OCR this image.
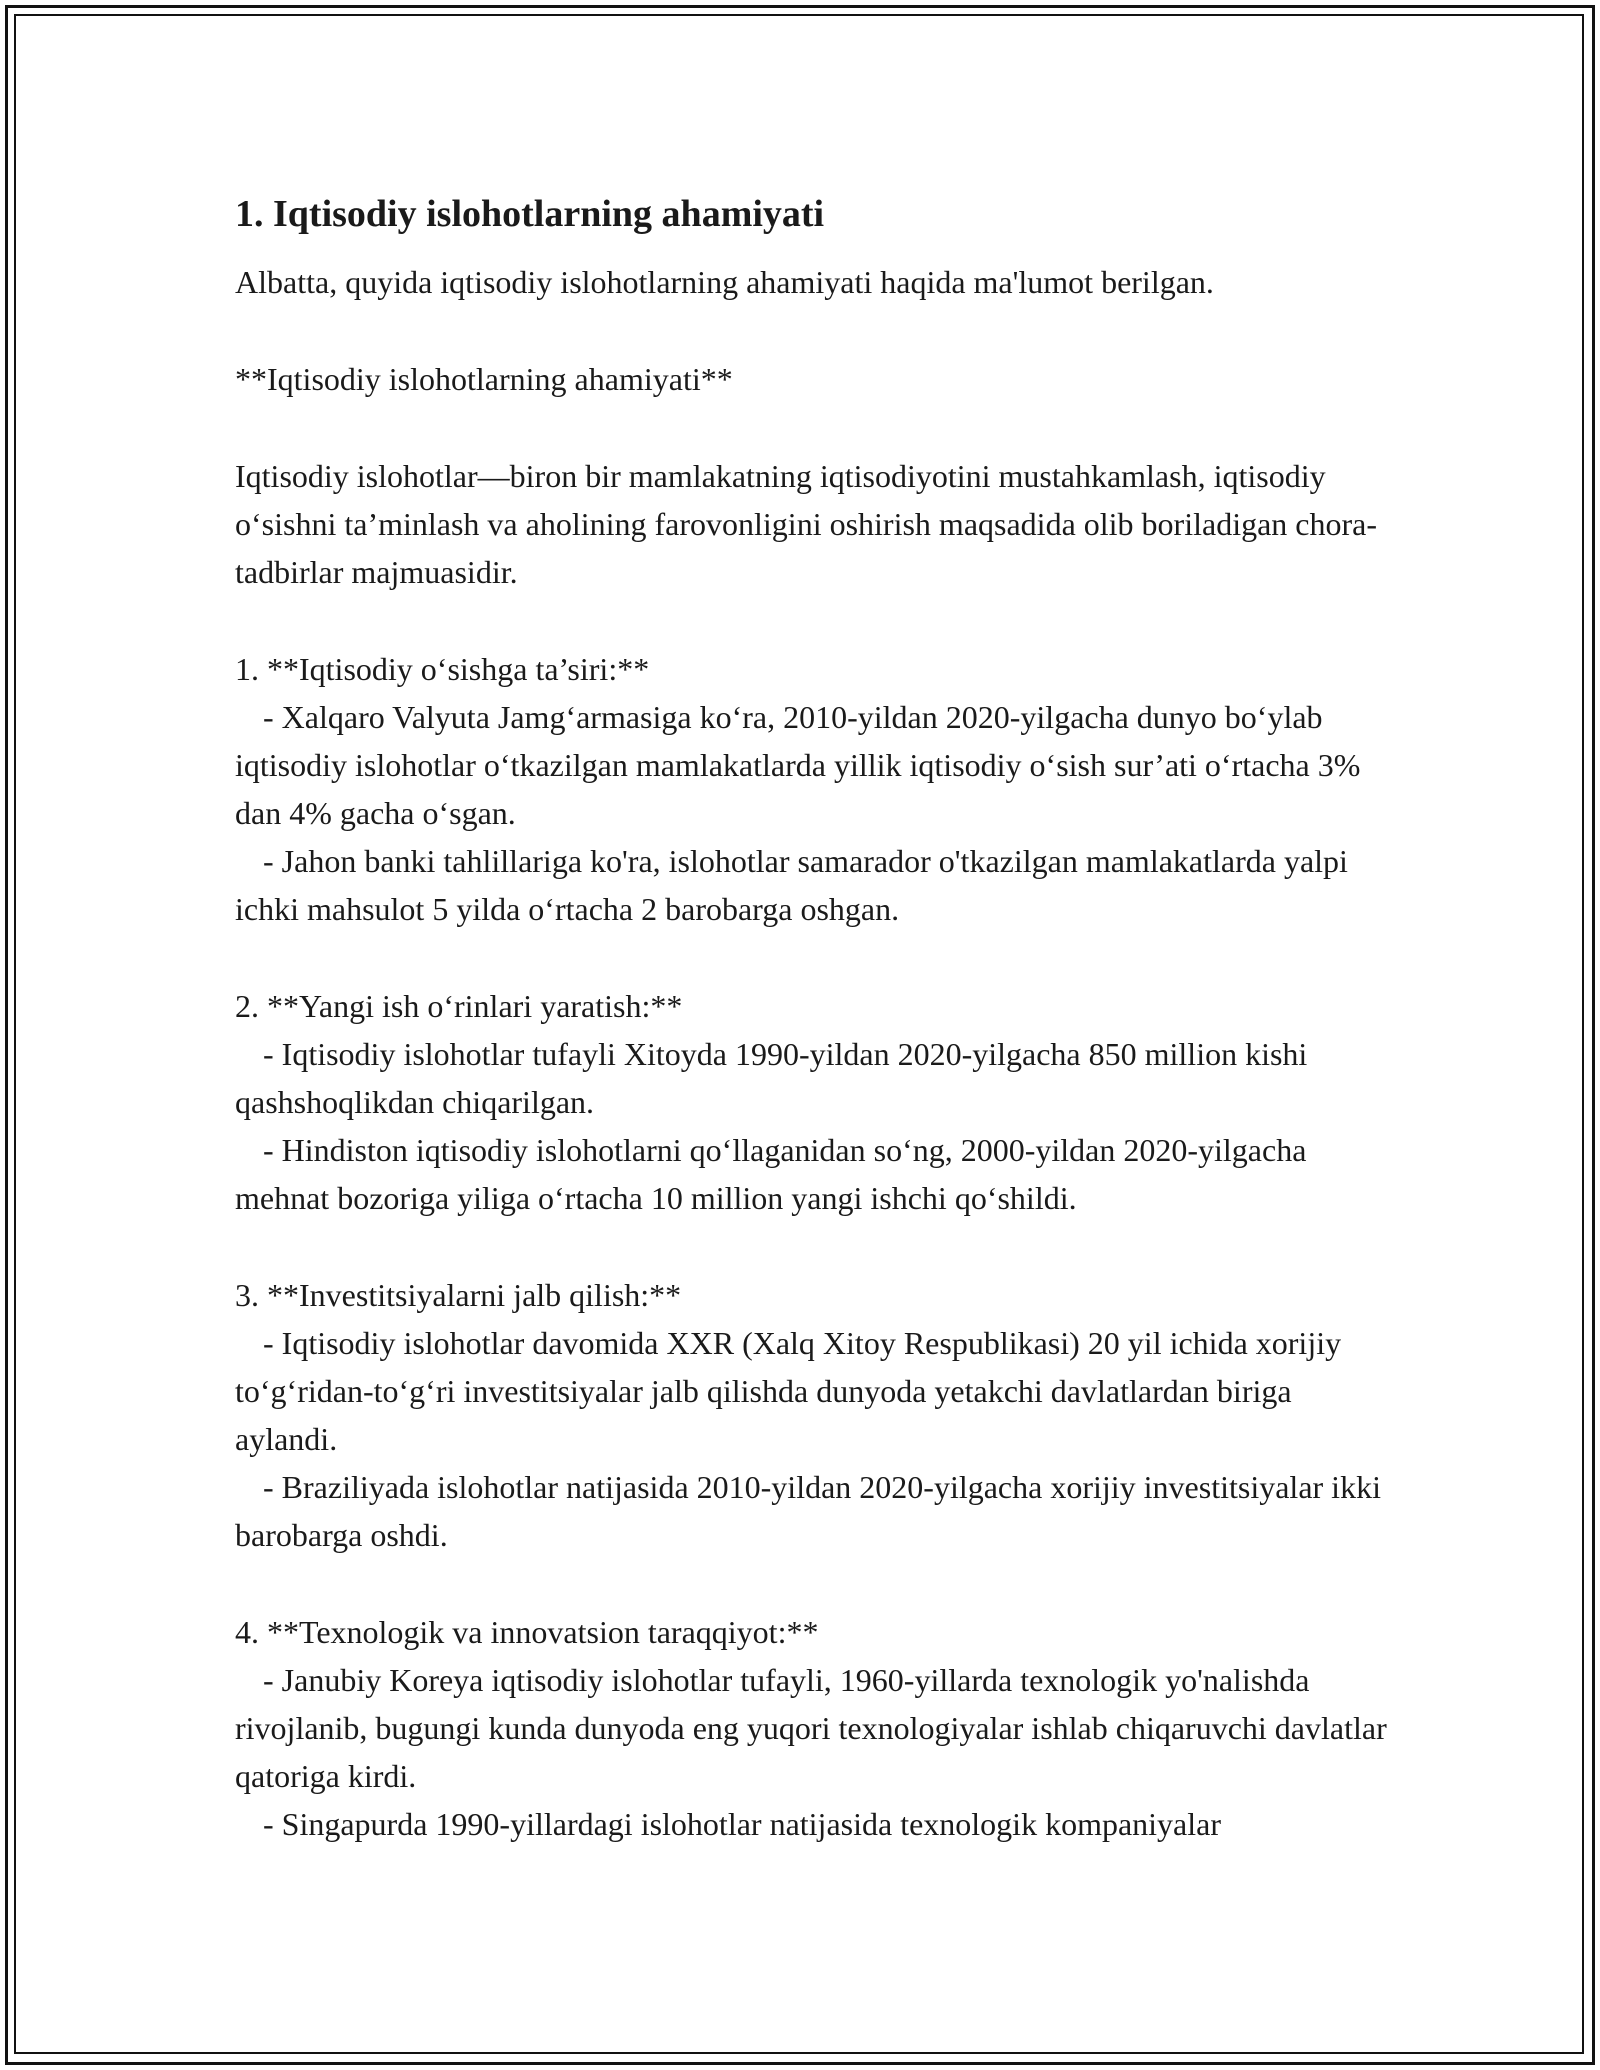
1. Iqtisodiy islohotlarning ahamiyati

Albatta, quyida iqtisodiy islohotlarning ahamiyati haqida ma'lumot berilgan.

**Iqtisodiy islohotlarning ahamiyati**

Iqtisodiy islohotlar—biron bir mamlakatning iqtisodiyotini mustahkamlash, iqtisodiy o‘sishni ta’minlash va aholining farovonligini oshirish maqsadida olib boriladigan chora-tadbirlar majmuasidir.

1. **Iqtisodiy o‘sishga ta’siri:**

- Xalqaro Valyuta Jamg‘armasiga ko‘ra, 2010-yildan 2020-yilgacha dunyo bo‘ylab iqtisodiy islohotlar o‘tkazilgan mamlakatlarda yillik iqtisodiy o‘sish sur’ati o‘rtacha 3% dan 4% gacha o‘sgan.

- Jahon banki tahlillariga ko'ra, islohotlar samarador o'tkazilgan mamlakatlarda yalpi ichki mahsulot 5 yilda o‘rtacha 2 barobarga oshgan.

2. **Yangi ish o‘rinlari yaratish:**

- Iqtisodiy islohotlar tufayli Xitoyda 1990-yildan 2020-yilgacha 850 million kishi qashshoqlikdan chiqarilgan.

- Hindiston iqtisodiy islohotlarni qo‘llaganidan so‘ng, 2000-yildan 2020-yilgacha mehnat bozoriga yiliga o‘rtacha 10 million yangi ishchi qo‘shildi.

3. **Investitsiyalarni jalb qilish:**

- Iqtisodiy islohotlar davomida XXR (Xalq Xitoy Respublikasi) 20 yil ichida xorijiy to‘g‘ridan-to‘g‘ri investitsiyalar jalb qilishda dunyoda yetakchi davlatlardan biriga aylandi.

- Braziliyada islohotlar natijasida 2010-yildan 2020-yilgacha xorijiy investitsiyalar ikki barobarga oshdi.

4. **Texnologik va innovatsion taraqqiyot:**

- Janubiy Koreya iqtisodiy islohotlar tufayli, 1960-yillarda texnologik yo'nalishda rivojlanib, bugungi kunda dunyoda eng yuqori texnologiyalar ishlab chiqaruvchi davlatlar qatoriga kirdi.

- Singapurda 1990-yillardagi islohotlar natijasida texnologik kompaniyalar
